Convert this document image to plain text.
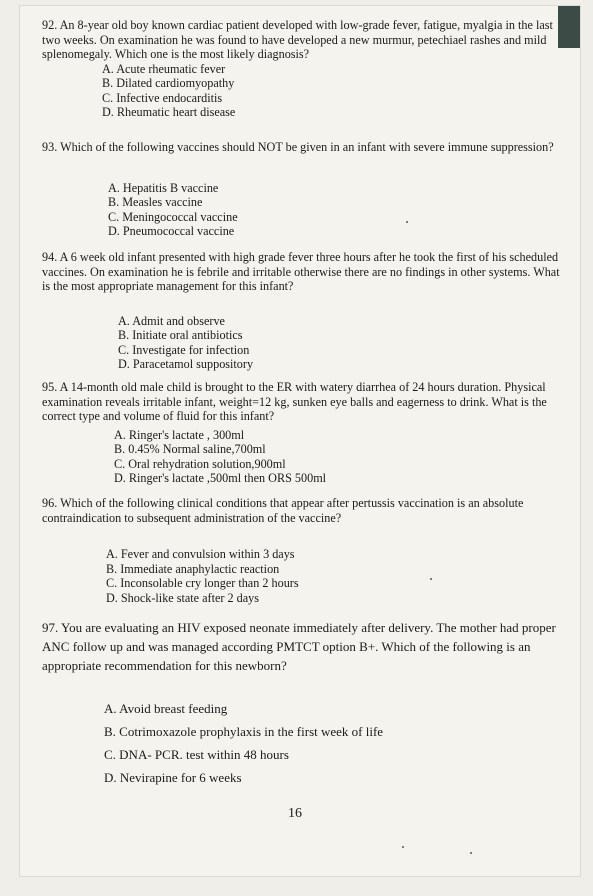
92. An 8-year old boy known cardiac patient developed with low-grade fever, fatigue, myalgia in the last two weeks. On examination he was found to have developed a new murmur, petechiael rashes and mild splenomegaly. Which one is the most likely diagnosis?

A. Acute rheumatic fever
B. Dilated cardiomyopathy
C. Infective endocarditis
D. Rheumatic heart disease

93. Which of the following vaccines should NOT be given in an infant with severe immune suppression?

A. Hepatitis B vaccine
B. Measles vaccine
C. Meningococcal vaccine
D. Pneumococcal vaccine

94. A 6 week old infant presented with high grade fever three hours after he took the first of his scheduled vaccines. On examination he is febrile and irritable otherwise there are no findings in other systems. What is the most appropriate management for this infant?

A. Admit and observe
B. Initiate oral antibiotics
C. Investigate for infection
D. Paracetamol suppository

95. A 14-month old male child is brought to the ER with watery diarrhea of 24 hours duration. Physical examination reveals irritable infant, weight=12 kg, sunken eye balls and eagerness to drink. What is the correct type and volume of fluid for this infant?

A. Ringer's lactate , 300ml
B. 0.45% Normal saline,700ml
C. Oral rehydration solution,900ml
D. Ringer's lactate ,500ml then ORS 500ml

96. Which of the following clinical conditions that appear after pertussis vaccination is an absolute contraindication to subsequent administration of the vaccine?

A. Fever and convulsion within 3 days
B. Immediate anaphylactic reaction
C. Inconsolable cry longer than 2 hours
D. Shock-like state after 2 days

97. You are evaluating an HIV exposed neonate immediately after delivery. The mother had proper ANC follow up and was managed according PMTCT option B+. Which of the following is an appropriate recommendation for this newborn?

A. Avoid breast feeding
B. Cotrimoxazole prophylaxis in the first week of life
C. DNA- PCR. test within 48 hours
D. Nevirapine for 6 weeks
16
